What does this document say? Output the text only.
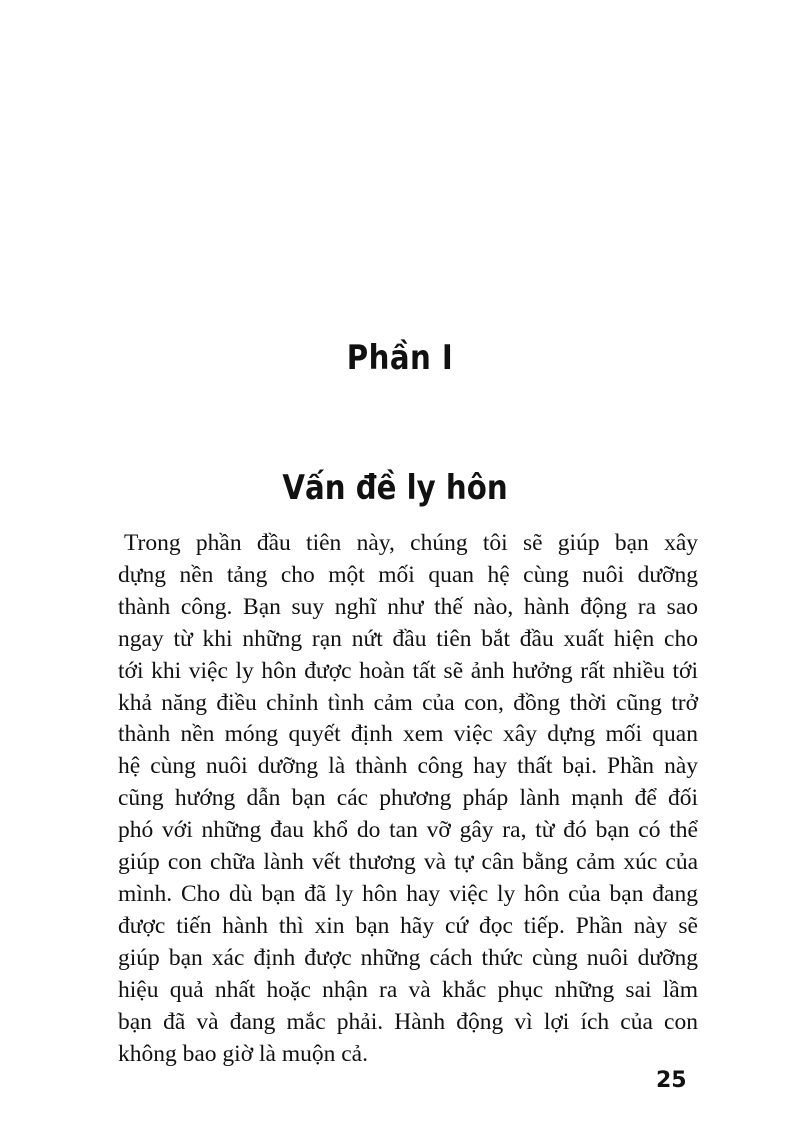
Phần I
Vấn đề ly hôn

Trong phần đầu tiên này, chúng tôi sẽ giúp bạn xây
dựng nền tảng cho một mối quan hệ cùng nuôi dưỡng
thành công. Bạn suy nghĩ như thế nào, hành động ra sao
ngay từ khi những rạn nứt đầu tiên bắt đầu xuất hiện cho
tới khi việc ly hôn được hoàn tất sẽ ảnh hưởng rất nhiều tới
khả năng điều chỉnh tình cảm của con, đồng thời cũng trở
thành nền móng quyết định xem việc xây dựng mối quan
hệ cùng nuôi dưỡng là thành công hay thất bại. Phần này
cũng hướng dẫn bạn các phương pháp lành mạnh để đối
phó với những đau khổ do tan vỡ gây ra, từ đó bạn có thể
giúp con chữa lành vết thương và tự cân bằng cảm xúc của
mình. Cho dù bạn đã ly hôn hay việc ly hôn của bạn đang
được tiến hành thì xin bạn hãy cứ đọc tiếp. Phần này sẽ
giúp bạn xác định được những cách thức cùng nuôi dưỡng
hiệu quả nhất hoặc nhận ra và khắc phục những sai lầm
bạn đã và đang mắc phải. Hành động vì lợi ích của con
không bao giờ là muộn cả.

25
